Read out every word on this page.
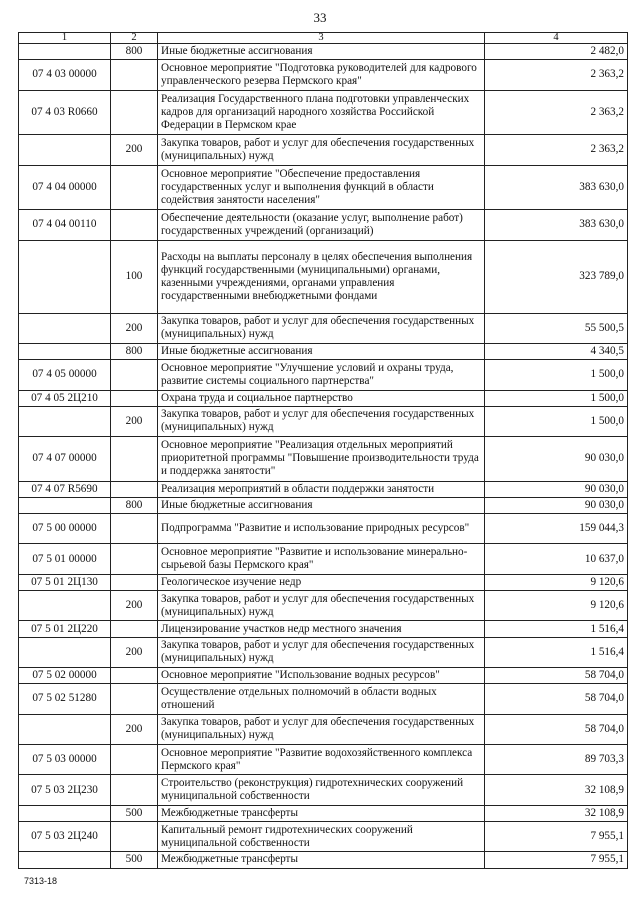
33
1	2	3	4
	800	Иные бюджетные ассигнования	2 482,0
07 4 03 00000		Основное мероприятие "Подготовка руководителей для кадрового управленческого резерва Пермского края"	2 363,2
07 4 03 R0660		Реализация Государственного плана подготовки управленческих кадров для организаций народного хозяйства Российской Федерации в Пермском крае	2 363,2
	200	Закупка товаров, работ и услуг для обеспечения государственных (муниципальных) нужд	2 363,2
07 4 04 00000		Основное мероприятие "Обеспечение предоставления государственных услуг и выполнения функций в области содействия занятости населения"	383 630,0
07 4 04 00110		Обеспечение деятельности (оказание услуг, выполнение работ) государственных учреждений (организаций)	383 630,0
	100	Расходы на выплаты персоналу в целях обеспечения выполнения функций государственными (муниципальными) органами, казенными учреждениями, органами управления государственными внебюджетными фондами	323 789,0
	200	Закупка товаров, работ и услуг для обеспечения государственных (муниципальных) нужд	55 500,5
	800	Иные бюджетные ассигнования	4 340,5
07 4 05 00000		Основное мероприятие "Улучшение условий и охраны труда, развитие системы социального партнерства"	1 500,0
07 4 05 2Ц210		Охрана труда и социальное партнерство	1 500,0
	200	Закупка товаров, работ и услуг для обеспечения государственных (муниципальных) нужд	1 500,0
07 4 07 00000		Основное мероприятие "Реализация отдельных мероприятий приоритетной программы "Повышение производительности труда и поддержка занятости"	90 030,0
07 4 07 R5690		Реализация мероприятий в области поддержки занятости	90 030,0
	800	Иные бюджетные ассигнования	90 030,0
07 5 00 00000		Подпрограмма "Развитие и использование природных ресурсов"	159 044,3
07 5 01 00000		Основное мероприятие "Развитие и использование минерально-сырьевой базы Пермского края"	10 637,0
07 5 01 2Ц130		Геологическое изучение недр	9 120,6
	200	Закупка товаров, работ и услуг для обеспечения государственных (муниципальных) нужд	9 120,6
07 5 01 2Ц220		Лицензирование участков недр местного значения	1 516,4
	200	Закупка товаров, работ и услуг для обеспечения государственных (муниципальных) нужд	1 516,4
07 5 02 00000		Основное мероприятие "Использование водных ресурсов"	58 704,0
07 5 02 51280		Осуществление отдельных полномочий в области водных отношений	58 704,0
	200	Закупка товаров, работ и услуг для обеспечения государственных (муниципальных) нужд	58 704,0
07 5 03 00000		Основное мероприятие "Развитие водохозяйственного комплекса Пермского края"	89 703,3
07 5 03 2Ц230		Строительство (реконструкция) гидротехнических сооружений муниципальной собственности	32 108,9
	500	Межбюджетные трансферты	32 108,9
07 5 03 2Ц240		Капитальный ремонт гидротехнических сооружений муниципальной собственности	7 955,1
	500	Межбюджетные трансферты	7 955,1
7313-18
